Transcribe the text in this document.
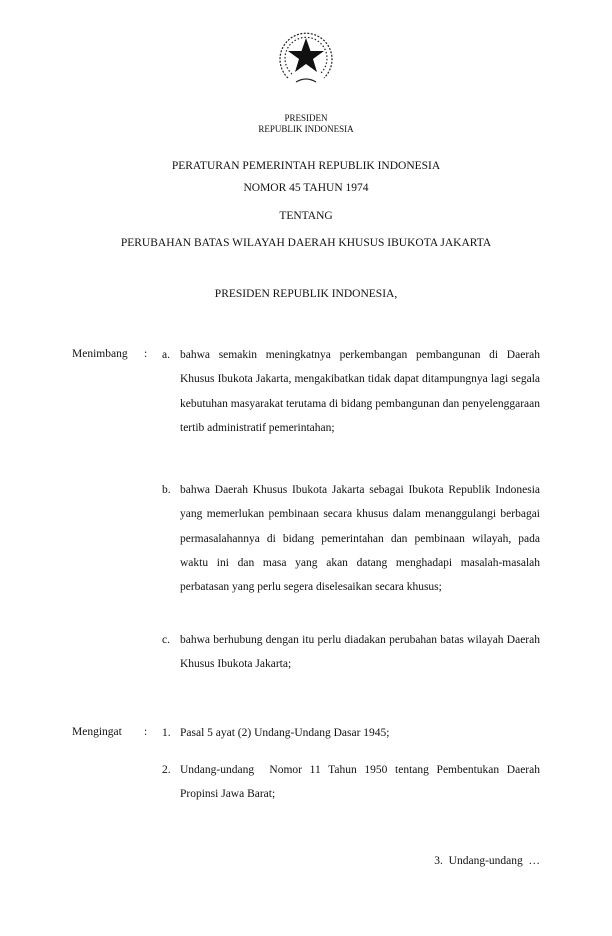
PRESIDEN
REPUBLIK INDONESIA
PERATURAN PEMERINTAH REPUBLIK INDONESIA
NOMOR 45 TAHUN 1974
TENTANG
PERUBAHAN BATAS WILAYAH DAERAH KHUSUS IBUKOTA JAKARTA
PRESIDEN REPUBLIK INDONESIA,
Menimbang : a. bahwa semakin meningkatnya perkembangan pembangunan di Daerah Khusus Ibukota Jakarta, mengakibatkan tidak dapat ditampungnya lagi segala kebutuhan masyarakat terutama di bidang pembangunan dan penyelenggaraan tertib administratif pemerintahan;
b. bahwa Daerah Khusus Ibukota Jakarta sebagai Ibukota Republik Indonesia yang memerlukan pembinaan secara khusus dalam menanggulangi berbagai permasalahannya di bidang pemerintahan dan pembinaan wilayah, pada waktu ini dan masa yang akan datang menghadapi masalah-masalah perbatasan yang perlu segera diselesaikan secara khusus;
c. bahwa berhubung dengan itu perlu diadakan perubahan batas wilayah Daerah Khusus Ibukota Jakarta;
Mengingat : 1. Pasal 5 ayat (2) Undang-Undang Dasar 1945;
2. Undang-undang  Nomor 11 Tahun 1950 tentang Pembentukan Daerah Propinsi Jawa Barat;
3.  Undang-undang  …
